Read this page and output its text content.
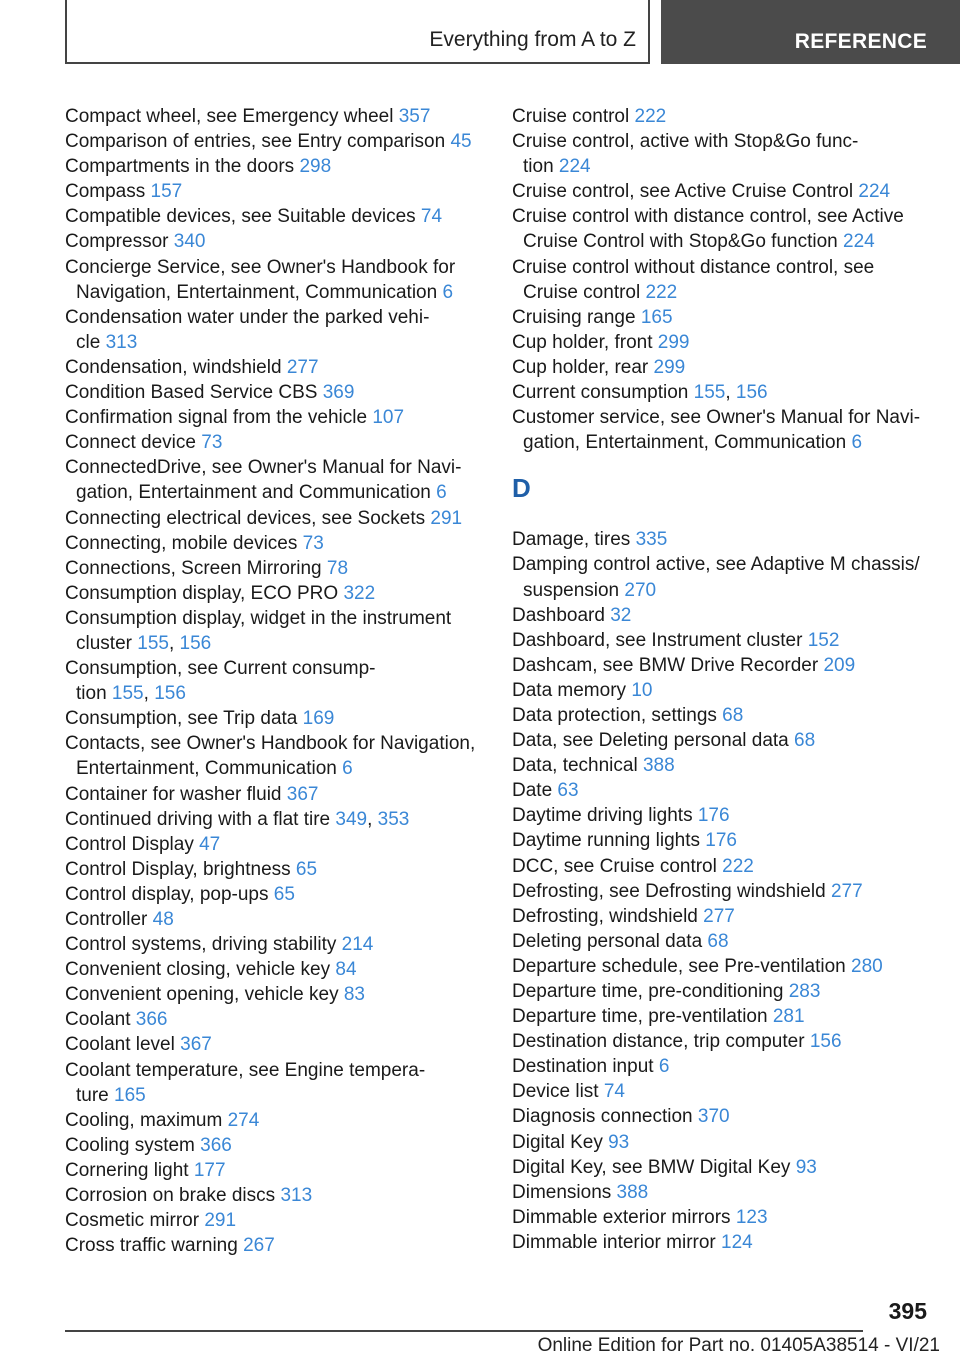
Everything from A to Z	REFERENCE
Compact wheel, see Emergency wheel 357
Comparison of entries, see Entry comparison 45
Compartments in the doors 298
Compass 157
Compatible devices, see Suitable devices 74
Compressor 340
Concierge Service, see Owner's Handbook for
Navigation, Entertainment, Communication 6
Condensation water under the parked vehi-
cle 313
Condensation, windshield 277
Condition Based Service CBS 369
Confirmation signal from the vehicle 107
Connect device 73
ConnectedDrive, see Owner's Manual for Navi-
gation, Entertainment and Communication 6
Connecting electrical devices, see Sockets 291
Connecting, mobile devices 73
Connections, Screen Mirroring 78
Consumption display, ECO PRO 322
Consumption display, widget in the instrument
cluster 155, 156
Consumption, see Current consump-
tion 155, 156
Consumption, see Trip data 169
Contacts, see Owner's Handbook for Navigation,
Entertainment, Communication 6
Container for washer fluid 367
Continued driving with a flat tire 349, 353
Control Display 47
Control Display, brightness 65
Control display, pop-ups 65
Controller 48
Control systems, driving stability 214
Convenient closing, vehicle key 84
Convenient opening, vehicle key 83
Coolant 366
Coolant level 367
Coolant temperature, see Engine tempera-
ture 165
Cooling, maximum 274
Cooling system 366
Cornering light 177
Corrosion on brake discs 313
Cosmetic mirror 291
Cross traffic warning 267
Cruise control 222
Cruise control, active with Stop&Go func-
tion 224
Cruise control, see Active Cruise Control 224
Cruise control with distance control, see Active
Cruise Control with Stop&Go function 224
Cruise control without distance control, see
Cruise control 222
Cruising range 165
Cup holder, front 299
Cup holder, rear 299
Current consumption 155, 156
Customer service, see Owner's Manual for Navi-
gation, Entertainment, Communication 6
D
Damage, tires 335
Damping control active, see Adaptive M chassis/
suspension 270
Dashboard 32
Dashboard, see Instrument cluster 152
Dashcam, see BMW Drive Recorder 209
Data memory 10
Data protection, settings 68
Data, see Deleting personal data 68
Data, technical 388
Date 63
Daytime driving lights 176
Daytime running lights 176
DCC, see Cruise control 222
Defrosting, see Defrosting windshield 277
Defrosting, windshield 277
Deleting personal data 68
Departure schedule, see Pre-ventilation 280
Departure time, pre-conditioning 283
Departure time, pre-ventilation 281
Destination distance, trip computer 156
Destination input 6
Device list 74
Diagnosis connection 370
Digital Key 93
Digital Key, see BMW Digital Key 93
Dimensions 388
Dimmable exterior mirrors 123
Dimmable interior mirror 124
395
Online Edition for Part no. 01405A38514 - VI/21
